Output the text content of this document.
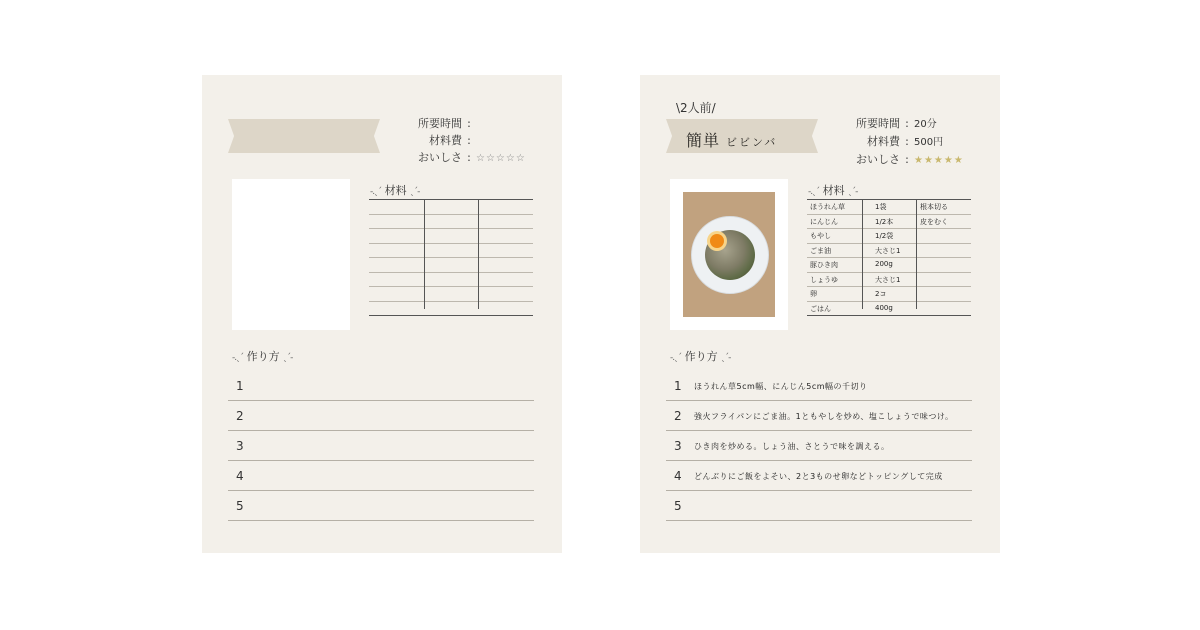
所要時間 :
材料費 :
おいしさ : ☆☆☆☆☆
-.ˎˊ 材料 ˎˊ-
-.ˎˊ 作り方 ˎˊ-
1
2
3
4
5
\2人前/
簡単 ビビンバ
所要時間 : 20分
材料費 : 500円
おいしさ : ★★★★★
-.ˎˊ 材料 ˎˊ-
ほうれん草	1袋	根本切る
にんじん	1/2本	皮をむく
もやし	1/2袋
ごま油	大さじ1
豚ひき肉	200g
しょうゆ	大さじ1
卵	2コ
ごはん	400g
-.ˎˊ 作り方 ˎˊ-
1 ほうれん草5cm幅、にんじん5cm幅の千切り
2 強火フライパンにごま油。1ともやしを炒め、塩こしょうで味つけ。
3 ひき肉を炒める。しょう油、さとうで味を調える。
4 どんぶりにご飯をよそい、2と3ものせ卵などトッピングして完成
5
